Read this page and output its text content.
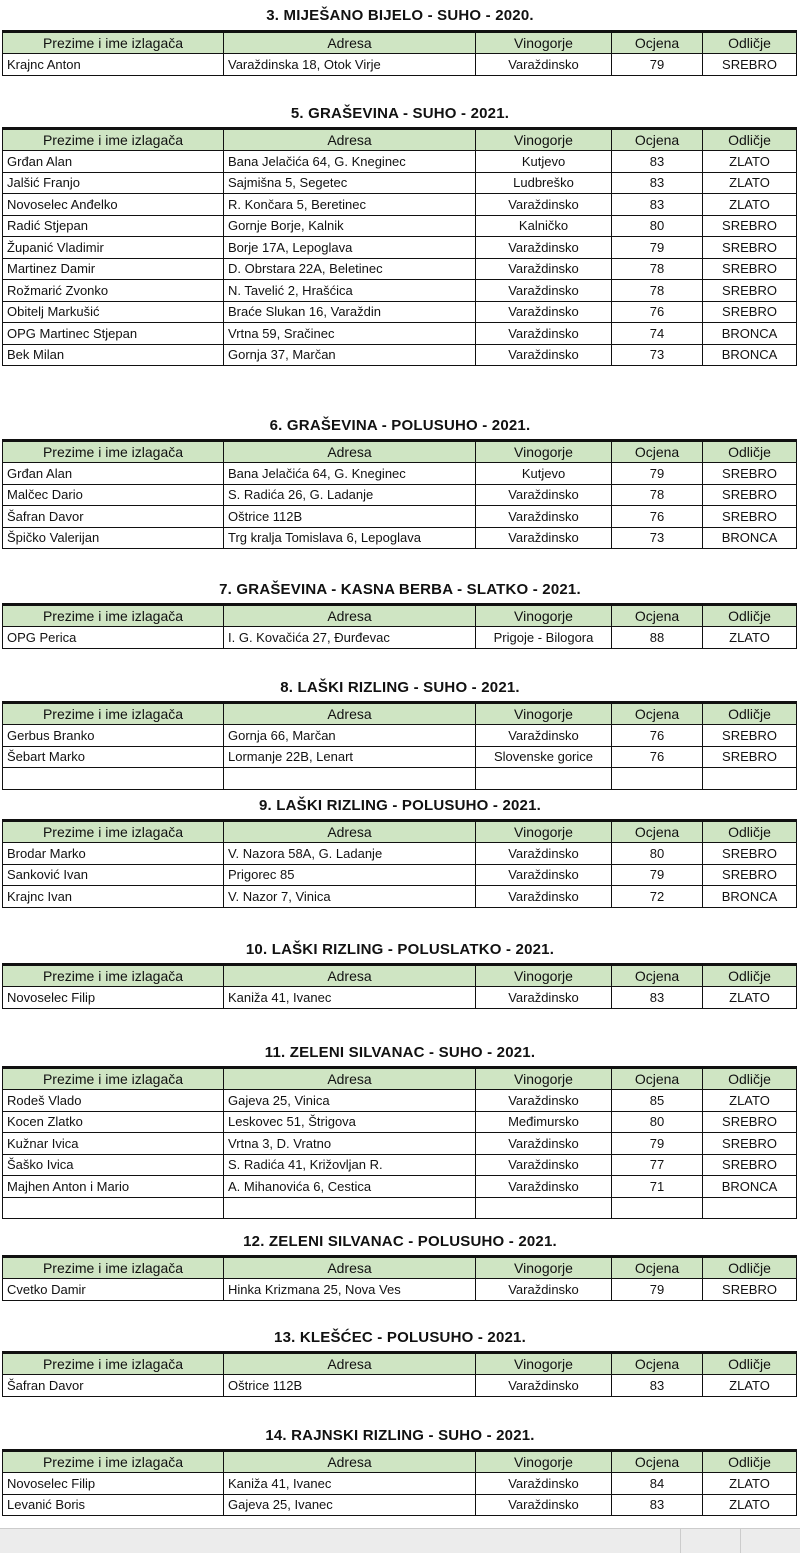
3. MIJEŠANO BIJELO - SUHO - 2020.
Prezime i ime izlagača	Adresa	Vinogorje	Ocjena	Odličje
Krajnc Anton	Varaždinska 18, Otok Virje	Varaždinsko	79	SREBRO
5. GRAŠEVINA - SUHO - 2021.
Prezime i ime izlagača	Adresa	Vinogorje	Ocjena	Odličje
Grđan Alan	Bana Jelačića 64, G. Kneginec	Kutjevo	83	ZLATO
Jalšić Franjo	Sajmišna 5, Segetec	Ludbreško	83	ZLATO
Novoselec Anđelko	R. Končara 5, Beretinec	Varaždinsko	83	ZLATO
Radić Stjepan	Gornje Borje, Kalnik	Kalničko	80	SREBRO
Županić Vladimir	Borje 17A, Lepoglava	Varaždinsko	79	SREBRO
Martinez Damir	D. Obrstara 22A, Beletinec	Varaždinsko	78	SREBRO
Rožmarić Zvonko	N. Tavelić 2, Hrašćica	Varaždinsko	78	SREBRO
Obitelj Markušić	Braće Slukan 16, Varaždin	Varaždinsko	76	SREBRO
OPG Martinec Stjepan	Vrtna 59, Sračinec	Varaždinsko	74	BRONCA
Bek Milan	Gornja 37, Marčan	Varaždinsko	73	BRONCA
6. GRAŠEVINA - POLUSUHO - 2021.
Prezime i ime izlagača	Adresa	Vinogorje	Ocjena	Odličje
Grđan Alan	Bana Jelačića 64, G. Kneginec	Kutjevo	79	SREBRO
Malčec Dario	S. Radića 26, G. Ladanje	Varaždinsko	78	SREBRO
Šafran Davor	Oštrice 112B	Varaždinsko	76	SREBRO
Špičko Valerijan	Trg kralja Tomislava 6, Lepoglava	Varaždinsko	73	BRONCA
7. GRAŠEVINA - KASNA BERBA - SLATKO - 2021.
Prezime i ime izlagača	Adresa	Vinogorje	Ocjena	Odličje
OPG Perica	I. G. Kovačića 27, Đurđevac	Prigoje - Bilogora	88	ZLATO
8. LAŠKI RIZLING - SUHO - 2021.
Prezime i ime izlagača	Adresa	Vinogorje	Ocjena	Odličje
Gerbus Branko	Gornja 66, Marčan	Varaždinsko	76	SREBRO
Šebart Marko	Lormanje 22B, Lenart	Slovenske gorice	76	SREBRO

9. LAŠKI RIZLING - POLUSUHO - 2021.
Prezime i ime izlagača	Adresa	Vinogorje	Ocjena	Odličje
Brodar Marko	V. Nazora 58A, G. Ladanje	Varaždinsko	80	SREBRO
Sanković Ivan	Prigorec 85	Varaždinsko	79	SREBRO
Krajnc Ivan	V. Nazor 7, Vinica	Varaždinsko	72	BRONCA
10. LAŠKI RIZLING - POLUSLATKO - 2021.
Prezime i ime izlagača	Adresa	Vinogorje	Ocjena	Odličje
Novoselec Filip	Kaniža 41, Ivanec	Varaždinsko	83	ZLATO
11. ZELENI SILVANAC - SUHO - 2021.
Prezime i ime izlagača	Adresa	Vinogorje	Ocjena	Odličje
Rodeš Vlado	Gajeva 25, Vinica	Varaždinsko	85	ZLATO
Kocen Zlatko	Leskovec 51, Štrigova	Međimursko	80	SREBRO
Kužnar Ivica	Vrtna 3, D. Vratno	Varaždinsko	79	SREBRO
Šaško Ivica	S. Radića 41, Križovljan R.	Varaždinsko	77	SREBRO
Majhen Anton i Mario	A. Mihanovića 6, Cestica	Varaždinsko	71	BRONCA

12. ZELENI SILVANAC - POLUSUHO - 2021.
Prezime i ime izlagača	Adresa	Vinogorje	Ocjena	Odličje
Cvetko Damir	Hinka Krizmana 25, Nova Ves	Varaždinsko	79	SREBRO
13. KLEŠĆEC - POLUSUHO - 2021.
Prezime i ime izlagača	Adresa	Vinogorje	Ocjena	Odličje
Šafran Davor	Oštrice 112B	Varaždinsko	83	ZLATO
14. RAJNSKI RIZLING - SUHO - 2021.
Prezime i ime izlagača	Adresa	Vinogorje	Ocjena	Odličje
Novoselec Filip	Kaniža 41, Ivanec	Varaždinsko	84	ZLATO
Levanić Boris	Gajeva 25, Ivanec	Varaždinsko	83	ZLATO
